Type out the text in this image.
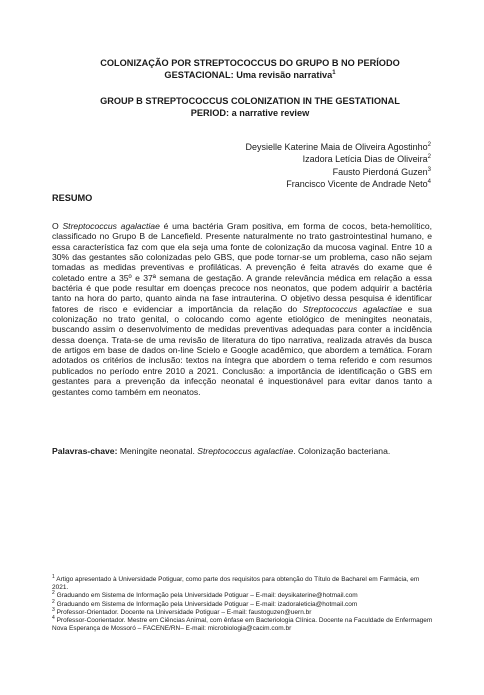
COLONIZAÇÃO POR STREPTOCOCCUS DO GRUPO B NO PERÍODO
GESTACIONAL: Uma revisão narrativa$^1$
GROUP B STREPTOCOCCUS COLONIZATION IN THE GESTATIONAL
PERIOD: a narrative review
Deysielle Katerine Maia de Oliveira Agostinho$^2$
Izadora Letícia Dias de Oliveira$^2$
Fausto Pierdoná Guzen$^3$
Francisco Vicente de Andrade Neto$^4$
RESUMO
O Streptococcus agalactiae é uma bactéria Gram positiva, em forma de cocos, beta-hemolítico, classificado no Grupo B de Lancefield. Presente naturalmente no trato gastrointestinal humano, e essa característica faz com que ela seja uma fonte de colonização da mucosa vaginal. Entre 10 a 30% das gestantes são colonizadas pelo GBS, que pode tornar-se um problema, caso não sejam tomadas as medidas preventivas e profiláticas. A prevenção é feita através do exame que é coletado entre a 35º e 37ª semana de gestação. A grande relevância médica em relação a essa bactéria é que pode resultar em doenças precoce nos neonatos, que podem adquirir a bactéria tanto na hora do parto, quanto ainda na fase intrauterina. O objetivo dessa pesquisa é identificar fatores de risco e evidenciar a importância da relação do Streptococcus agalactiae e sua colonização no trato genital, o colocando como agente etiológico de meningites neonatais, buscando assim o desenvolvimento de medidas preventivas adequadas para conter a incidência dessa doença. Trata-se de uma revisão de literatura do tipo narrativa, realizada através da busca de artigos em base de dados on-line Scielo e Google acadêmico, que abordem a temática. Foram adotados os critérios de inclusão: textos na íntegra que abordem o tema referido e com resumos publicados no período entre 2010 a 2021. Conclusão: a importância de identificação o GBS em gestantes para a prevenção da infecção neonatal é inquestionável para evitar danos tanto a gestantes como também em neonatos.
Palavras-chave: Meningite neonatal. Streptococcus agalactiae. Colonização bacteriana.
$^1$ Artigo apresentado à Universidade Potiguar, como parte dos requisitos para obtenção do Título de Bacharel em Farmácia, em 2021.
$^2$ Graduando em Sistema de Informação pela Universidade Potiguar – E-mail: deysikaterine@hotmail.com
$^2$ Graduando em Sistema de Informação pela Universidade Potiguar – E-mail: izadoraleticia@hotmail.com
$^3$ Professor-Orientador. Docente na Universidade Potiguar – E-mail: faustoguzen@uern.br
$^4$ Professor-Coorientador. Mestre em Ciências Animal, com ênfase em Bacteriologia Clínica. Docente na Faculdade de Enfermagem Nova Esperança de Mossoró – FACENE/RN– E-mail: microbiologia@cacim.com.br
